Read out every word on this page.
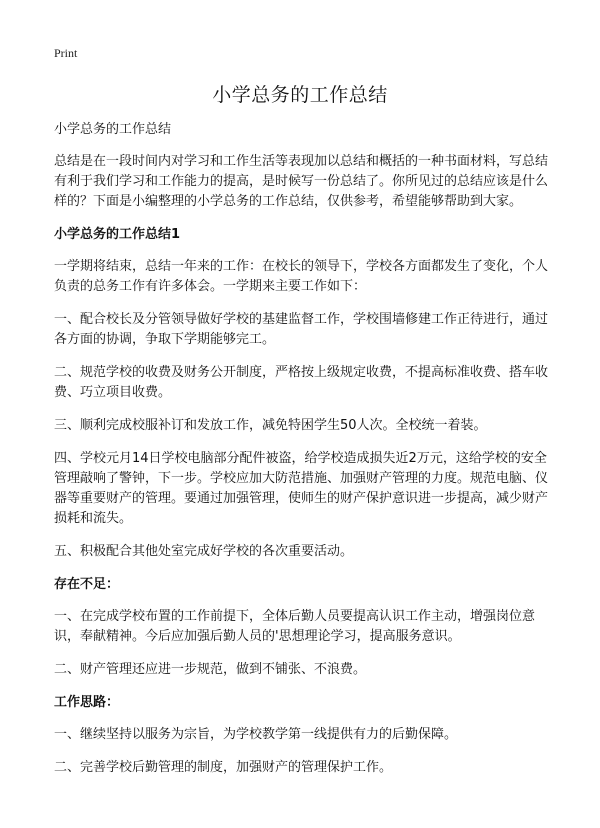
Print
小学总务的工作总结

小学总务的工作总结

总结是在一段时间内对学习和工作生活等表现加以总结和概括的一种书面材料，写总结有利于我们学习和工作能力的提高，是时候写一份总结了。你所见过的总结应该是什么样的？下面是小编整理的小学总务的工作总结，仅供参考，希望能够帮助到大家。

小学总务的工作总结1

一学期将结束，总结一年来的工作：在校长的领导下，学校各方面都发生了变化，个人负责的总务工作有许多体会。一学期来主要工作如下：

一、配合校长及分管领导做好学校的基建监督工作，学校围墙修建工作正待进行，通过各方面的协调，争取下学期能够完工。

二、规范学校的收费及财务公开制度，严格按上级规定收费，不提高标准收费、搭车收费、巧立项目收费。

三、顺利完成校服补订和发放工作，减免特困学生50人次。全校统一着装。

四、学校元月14日学校电脑部分配件被盗，给学校造成损失近2万元，这给学校的安全管理敲响了警钟，下一步。学校应加大防范措施、加强财产管理的力度。规范电脑、仪器等重要财产的管理。要通过加强管理，使师生的财产保护意识进一步提高，减少财产损耗和流失。

五、积极配合其他处室完成好学校的各次重要活动。

存在不足：

一、在完成学校布置的工作前提下，全体后勤人员要提高认识工作主动，增强岗位意识，奉献精神。今后应加强后勤人员的'思想理论学习，提高服务意识。

二、财产管理还应进一步规范，做到不铺张、不浪费。

工作思路：

一、继续坚持以服务为宗旨，为学校教学第一线提供有力的后勤保障。

二、完善学校后勤管理的制度，加强财产的管理保护工作。
